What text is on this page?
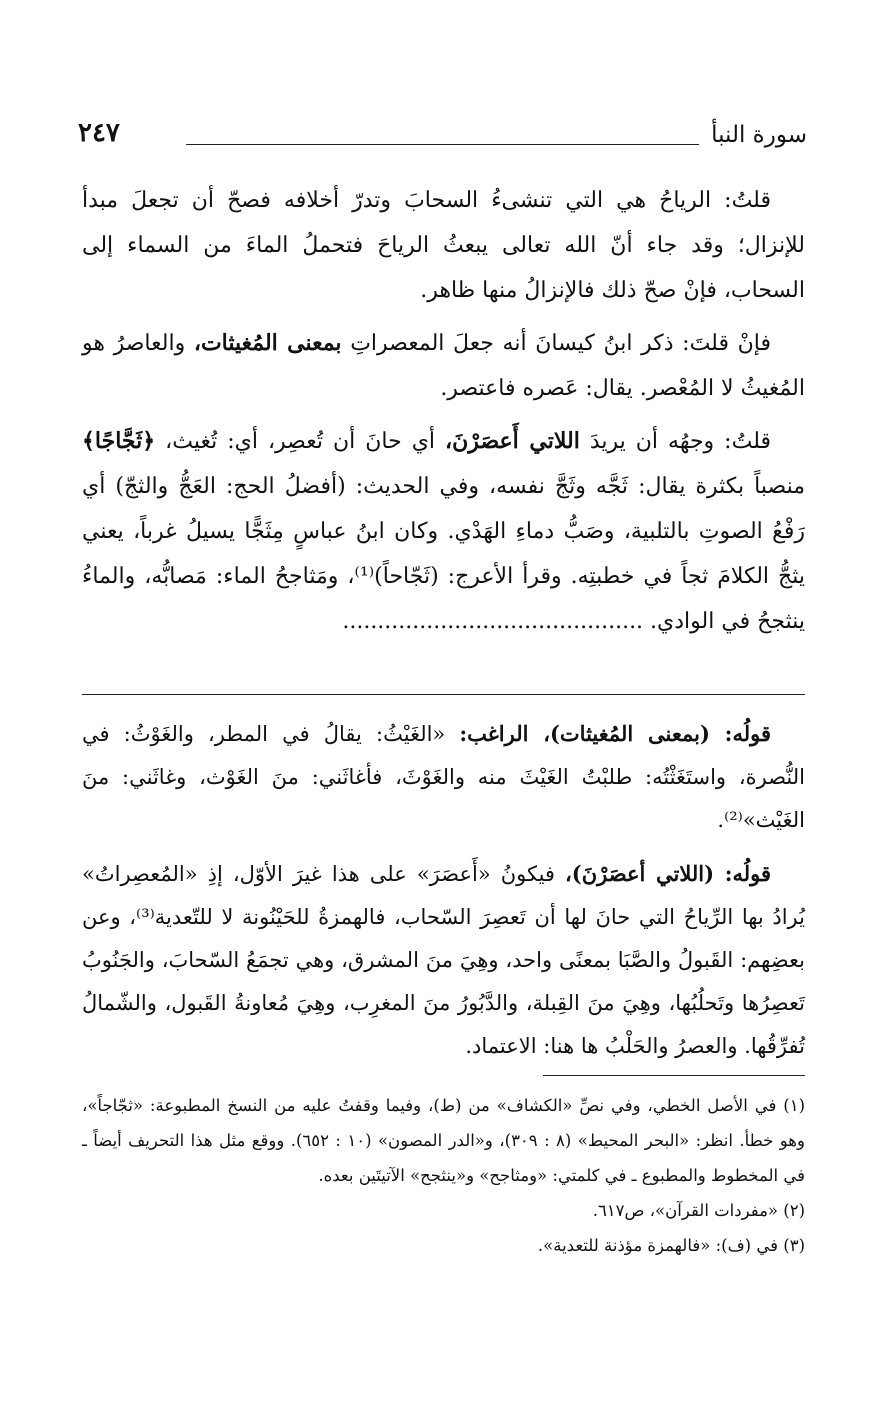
سورة النبأ
٢٤٧

قلتُ: الرياحُ هي التي تنشىءُ السحابَ وتدرّ أخلافه فصحّ أن تجعلَ مبدأ للإنزال؛ وقد جاء أنّ الله تعالى يبعثُ الرياحَ فتحملُ الماءَ من السماء إلى السحاب، فإنْ صحّ ذلك فالإنزالُ منها ظاهر.

فإنْ قلتَ: ذكر ابنُ كيسانَ أنه جعلَ المعصراتِ بمعنى المُغيثات، والعاصرُ هو المُغيثُ لا المُعْصر. يقال: عَصره فاعتصر.

قلتُ: وجهُه أن يريدَ اللاتي أَعصَرْنَ، أي حانَ أن تُعصِر، أي: تُغيث، ﴿ثَجَّاجًا﴾ منصباً بكثرة يقال: ثَجَّه وثَجَّ نفسه، وفي الحديث: (أفضلُ الحج: العَجُّ والثجّ) أي رَفْعُ الصوتِ بالتلبية، وصَبُّ دماءِ الهَدْي. وكان ابنُ عباسٍ مِثَجًّا يسيلُ غرباً، يعني يثجُّ الكلامَ ثجاً في خطبتِه. وقرأ الأعرج: (ثَجّاحاً)⁽¹⁾، ومَثاجحُ الماء: مَصابُّه، والماءُ ينثجحُ في الوادي. ...........................................

قولُه: (بمعنى المُغيثات)، الراغب: «الغَيْثُ: يقالُ في المطر، والغَوْثُ: في النُّصرة، واستَغَثْتُه: طلبْتُ الغَيْثَ منه والغَوْثَ، فأغاثَني: منَ الغَوْث، وغاثَني: منَ الغَيْث»⁽²⁾.

قولُه: (اللاتي أعصَرْنَ)، فيكونُ «أَعصَرَ» على هذا غيرَ الأوّل، إذِ «المُعصِراتُ» يُرادُ بها الرِّياحُ التي حانَ لها أن تَعصِرَ السّحاب، فالهمزةُ للحَيْنُونة لا للتّعدية⁽³⁾، وعن بعضِهم: القَبولُ والصَّبَا بمعنًى واحد، وهِيَ منَ المشرق، وهي تجمَعُ السّحابَ، والجَنُوبُ تَعصِرُها وتَحلُبُها، وهِيَ منَ القِبلة، والدَّبُورُ منَ المغرِب، وهِيَ مُعاونةُ القَبول، والشّمالُ تُفرِّقُها. والعصرُ والحَلْبُ ها هنا: الاعتماد.

(١) في الأصل الخطي، وفي نصِّ «الكشاف» من (ط)، وفيما وقفتُ عليه من النسخ المطبوعة: «ثجّاجاً»، وهو خطأ. انظر: «البحر المحيط» (٨ : ٣٠٩)، و«الدر المصون» (١٠ : ٦٥٢). ووقع مثل هذا التحريف أيضاً ـ في المخطوط والمطبوع ـ في كلمتي: «ومثاجح» و«ينثجح» الآتيتَين بعده.

(٢) «مفردات القرآن»، ص٦١٧.

(٣) في (ف): «فالهمزة مؤذنة للتعدية».
